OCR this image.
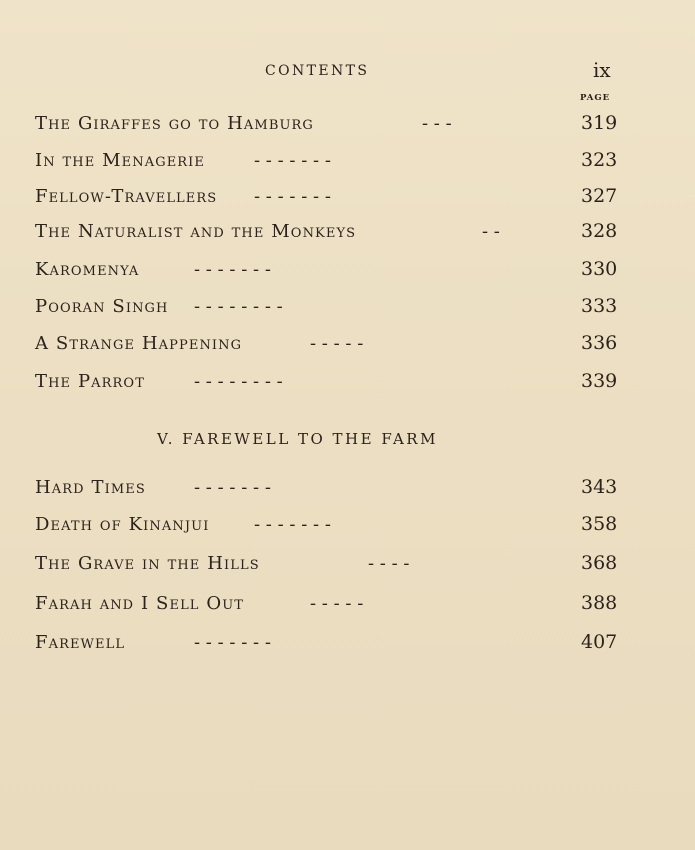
CONTENTS	ix
PAGE
The Giraffes go to Hamburg	- - -	319
In the Menagerie	- - - - - - -	323
Fellow-Travellers - - - - - - -	327
The Naturalist and the Monkeys	- -	328
Karomenya	- - - - - - -	330
Pooran Singh - - - - - - - -	333
A Strange Happening	- - - - -	336
The Parrot	- - - - - - - -	339
V. FAREWELL TO THE FARM
Hard Times	- - - - - - -	343
Death of Kinanjui - - - - - - -	358
The Grave in the Hills	- - - -	368
Farah and I Sell Out	- - - - -	388
Farewell	- - - - - - -	407
